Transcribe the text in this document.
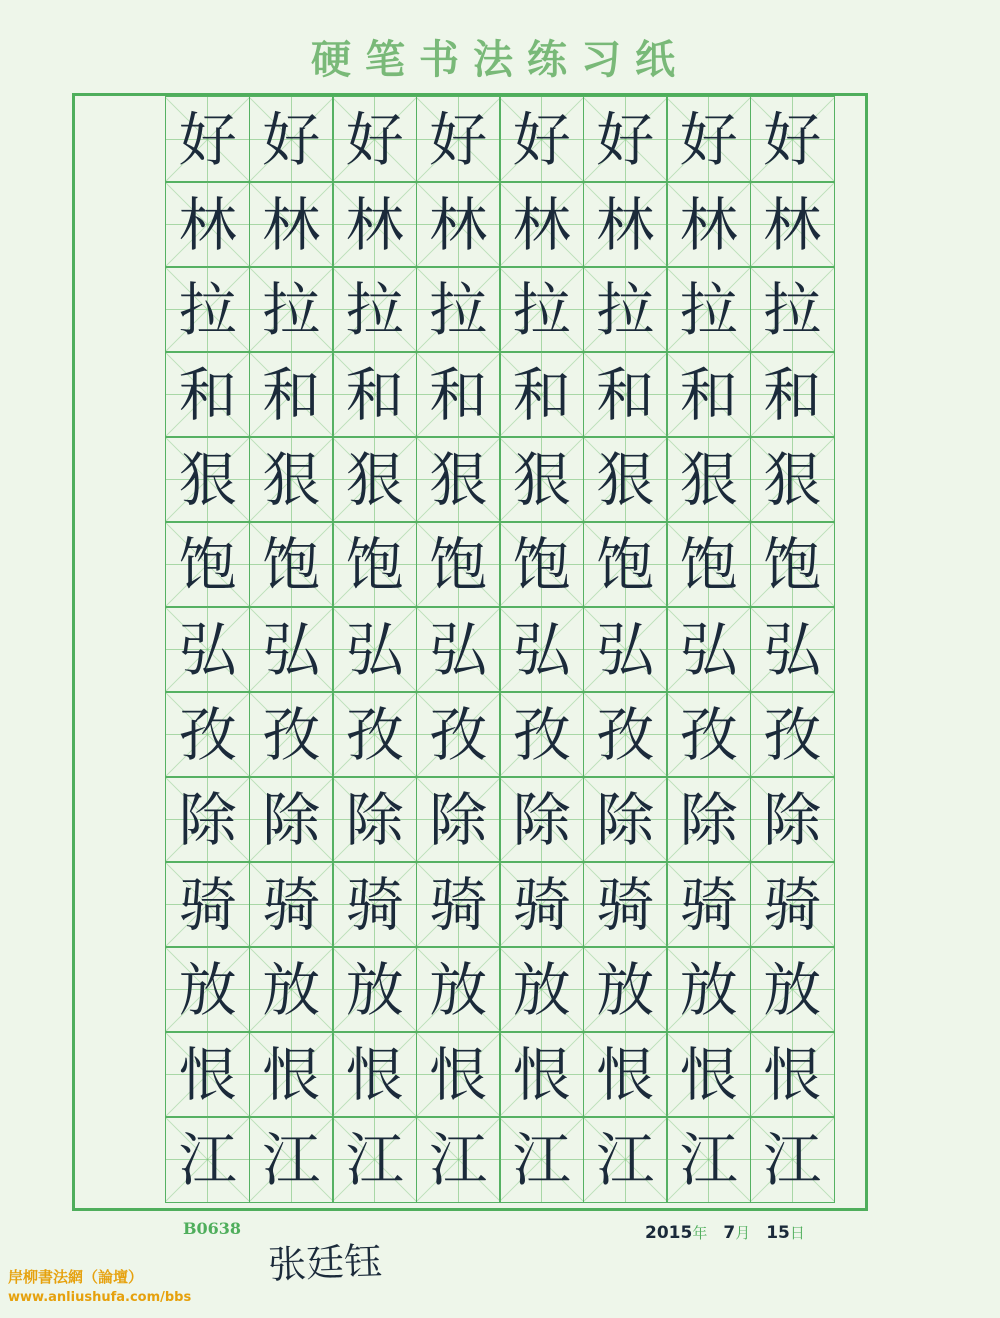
硬笔书法练习纸
好 好 好 好 好 好 好 好
林 林 林 林 林 林 林 林
拉 拉 拉 拉 拉 拉 拉 拉
和 和 和 和 和 和 和 和
狠 狠 狠 狠 狠 狠 狠 狠
饱 饱 饱 饱 饱 饱 饱 饱
弘 弘 弘 弘 弘 弘 弘 弘
孜 孜 孜 孜 孜 孜 孜 孜
除 除 除 除 除 除 除 除
骑 骑 骑 骑 骑 骑 骑 骑
放 放 放 放 放 放 放 放
恨 恨 恨 恨 恨 恨 恨 恨
江 江 江 江 江 江 江 江
B0638	2015 年 7 月 15 日
张廷钰
岸柳書法網（論壇）
www.anliushufa.com/bbs
